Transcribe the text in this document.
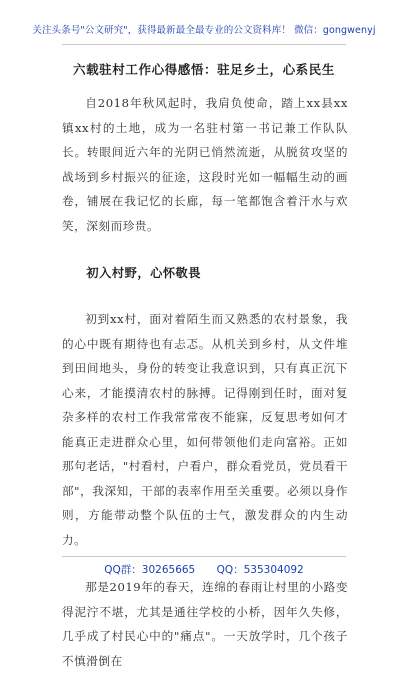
关注头条号"公文研究"，获得最新最全最专业的公文资料库！ 微信：gongwenyj
六载驻村工作心得感悟：驻足乡土，心系民生

自2018年秋风起时，我肩负使命，踏上xx县xx镇xx村的土地，成为一名驻村第一书记兼工作队队长。转眼间近六年的光阴已悄然流逝，从脱贫攻坚的战场到乡村振兴的征途，这段时光如一幅幅生动的画卷，铺展在我记忆的长廊，每一笔都饱含着汗水与欢笑，深刻而珍贵。

初入村野，心怀敬畏

初到xx村，面对着陌生而又熟悉的农村景象，我的心中既有期待也有忐忑。从机关到乡村，从文件堆到田间地头，身份的转变让我意识到，只有真正沉下心来，才能摸清农村的脉搏。记得刚到任时，面对复杂多样的农村工作我常常夜不能寐，反复思考如何才能真正走进群众心里，如何带领他们走向富裕。正如那句老话，"村看村，户看户，群众看党员，党员看干部"，我深知，干部的表率作用至关重要。必须以身作则，方能带动整个队伍的士气，激发群众的内生动力。

那是2019年的春天，连绵的春雨让村里的小路变得泥泞不堪，尤其是通往学校的小桥，因年久失修，几乎成了村民心中的"痛点"。一天放学时，几个孩子不慎滑倒在

QQ群：30265665 QQ：535304092
